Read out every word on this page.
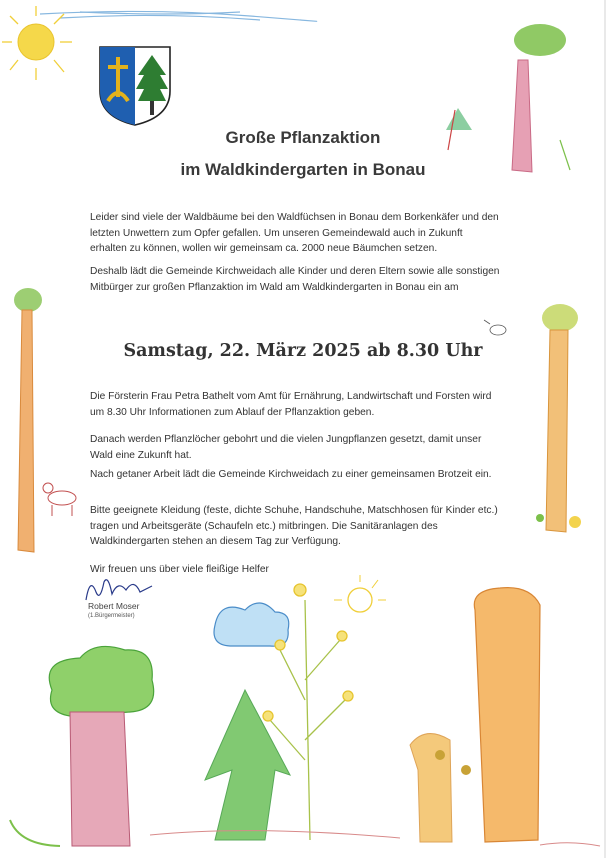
Große Pflanzaktion
im Waldkindergarten in Bonau
Leider sind viele der Waldbäume bei den Waldfüchsen in Bonau dem Borkenkäfer und den letzten Unwettern zum Opfer gefallen. Um unseren Gemeindewald auch in Zukunft erhalten zu können, wollen wir gemeinsam ca. 2000 neue Bäumchen setzen.
Deshalb lädt die Gemeinde Kirchweidach alle Kinder und deren Eltern sowie alle sonstigen Mitbürger zur großen Pflanzaktion im Wald am Waldkindergarten in Bonau ein am
Samstag, 22. März 2025 ab 8.30 Uhr
Die Försterin Frau Petra Bathelt vom Amt für Ernährung, Landwirtschaft und Forsten wird um 8.30 Uhr Informationen zum Ablauf der Pflanzaktion geben.
Danach werden Pflanzlöcher gebohrt und die vielen Jungpflanzen gesetzt, damit unser Wald eine Zukunft hat.
Nach getaner Arbeit lädt die Gemeinde Kirchweidach zu einer gemeinsamen Brotzeit ein.
Bitte geeignete Kleidung (feste, dichte Schuhe, Handschuhe, Matschhosen für Kinder etc.) tragen und Arbeitsgeräte (Schaufeln etc.) mitbringen. Die Sanitäranlagen des Waldkindergarten stehen an diesem Tag zur Verfügung.
Wir freuen uns über viele fleißige Helfer
Robert Moser
(1.Bürgermeister)
